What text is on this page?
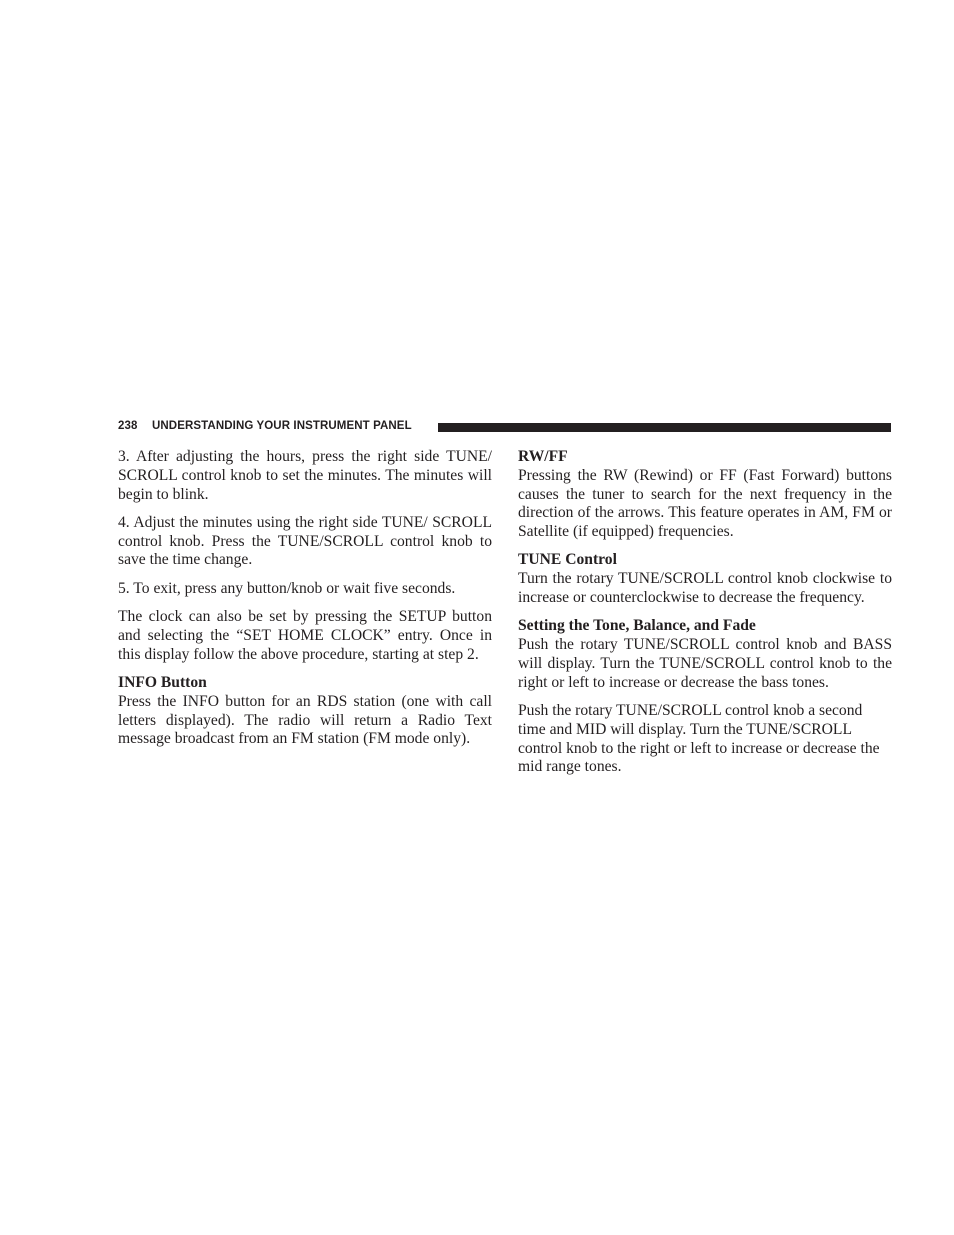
238 UNDERSTANDING YOUR INSTRUMENT PANEL

3. After adjusting the hours, press the right side TUNE/ SCROLL control knob to set the minutes. The minutes will begin to blink.

4. Adjust the minutes using the right side TUNE/ SCROLL control knob. Press the TUNE/SCROLL control knob to save the time change.

5. To exit, press any button/knob or wait five seconds.

The clock can also be set by pressing the SETUP button and selecting the “SET HOME CLOCK” entry. Once in this display follow the above procedure, starting at step 2.

INFO Button

Press the INFO button for an RDS station (one with call letters displayed). The radio will return a Radio Text message broadcast from an FM station (FM mode only).

RW/FF

Pressing the RW (Rewind) or FF (Fast Forward) buttons causes the tuner to search for the next frequency in the direction of the arrows. This feature operates in AM, FM or Satellite (if equipped) frequencies.

TUNE Control

Turn the rotary TUNE/SCROLL control knob clockwise to increase or counterclockwise to decrease the frequency.

Setting the Tone, Balance, and Fade

Push the rotary TUNE/SCROLL control knob and BASS will display. Turn the TUNE/SCROLL control knob to the right or left to increase or decrease the bass tones.

Push the rotary TUNE/SCROLL control knob a second time and MID will display. Turn the TUNE/SCROLL control knob to the right or left to increase or decrease the mid range tones.
